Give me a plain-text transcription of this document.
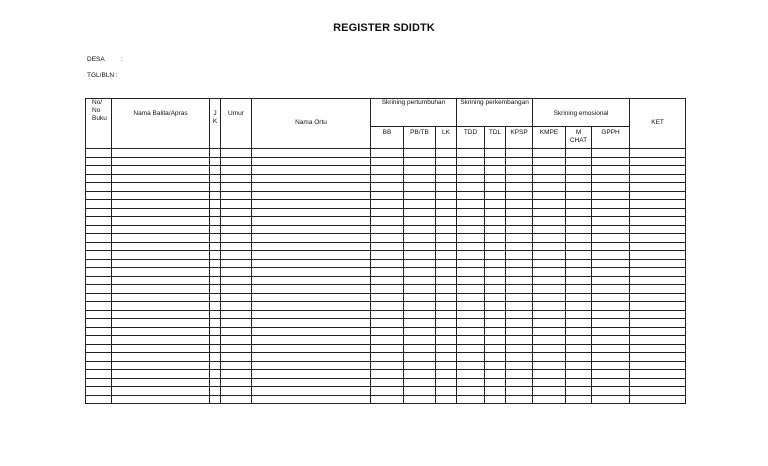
REGISTER SDIDTK
DESA	:
TGL/BLN :
No/ No Buku	Nama Balita/Apras	J K	Umur	Nama Ortu	Skrining pertumbuhan			Skrining perkembangan			Skrining emosional			KET
					BB	PB/TB	LK	TDD	TDL	KPSP	KMPE	M CHAT	GPPH	
